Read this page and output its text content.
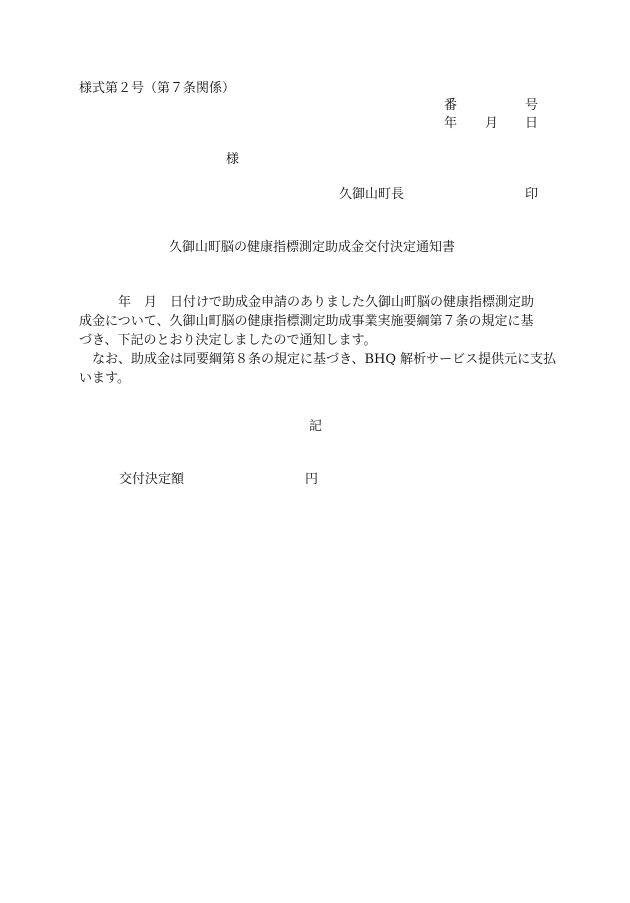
様式第２号（第７条関係）
番	号
年 月 日
様
久御山町長	印
久御山町脳の健康指標測定助成金交付決定通知書
　　　年　月　日付けで助成金申請のありました久御山町脳の健康指標測定助
成金について、久御山町脳の健康指標測定助成事業実施要綱第７条の規定に基
づき、下記のとおり決定しましたので通知します。
　なお、助成金は同要綱第８条の規定に基づき、BHQ 解析サービス提供元に支払
います。
記
交付決定額	円
